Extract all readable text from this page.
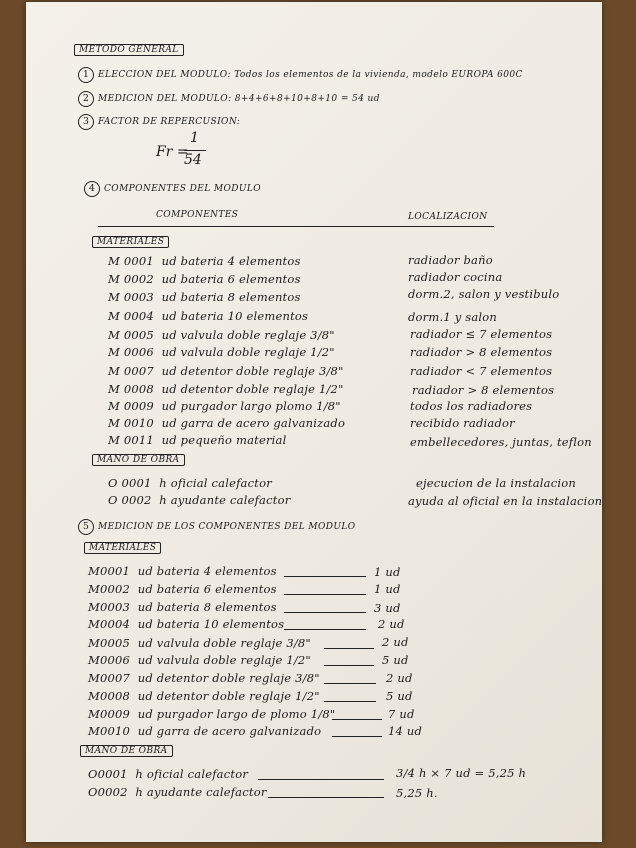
METODO GENERAL
1 ELECCION DEL MODULO: Todos los elementos de la vivienda, modelo EUROPA 600C
2 MEDICION DEL MODULO: 8+4+6+8+10+8+10 = 54 ud
3 FACTOR DE REPERCUSION:
Fr =
1
54
4 COMPONENTES DEL MODULO
COMPONENTES	LOCALIZACION
MATERIALES
M 0001 ud bateria 4 elementos	radiador baño
M 0002 ud bateria 6 elementos	radiador cocina
M 0003 ud bateria 8 elementos	dorm.2, salon y vestibulo
M 0004 ud bateria 10 elementos	dorm.1 y salon
M 0005 ud valvula doble reglaje 3/8"	radiador ≤ 7 elementos
M 0006 ud valvula doble reglaje 1/2"	radiador > 8 elementos
M 0007 ud detentor doble reglaje 3/8"	radiador < 7 elementos
M 0008 ud detentor doble reglaje 1/2"	radiador > 8 elementos
M 0009 ud purgador largo plomo 1/8"	todos los radiadores
M 0010 ud garra de acero galvanizado	recibido radiador
M 0011 ud pequeño material	embellecedores, juntas, teflon
MANO DE OBRA
O 0001 h oficial calefactor	ejecucion de la instalacion
O 0002 h ayudante calefactor	ayuda al oficial en la instalacion
5 MEDICION DE LOS COMPONENTES DEL MODULO
MATERIALES
M0001 ud bateria 4 elementos	1 ud
M0002 ud bateria 6 elementos	1 ud
M0003 ud bateria 8 elementos	3 ud
M0004 ud bateria 10 elementos	2 ud
M0005 ud valvula doble reglaje 3/8"	2 ud
M0006 ud valvula doble reglaje 1/2"	5 ud
M0007 ud detentor doble reglaje 3/8"	2 ud
M0008 ud detentor doble reglaje 1/2"	5 ud
M0009 ud purgador largo de plomo 1/8"	7 ud
M0010 ud garra de acero galvanizado	14 ud
MANO DE OBRA
O0001 h oficial calefactor	3/4 h × 7 ud = 5,25 h
O0002 h ayudante calefactor	5,25 h.
